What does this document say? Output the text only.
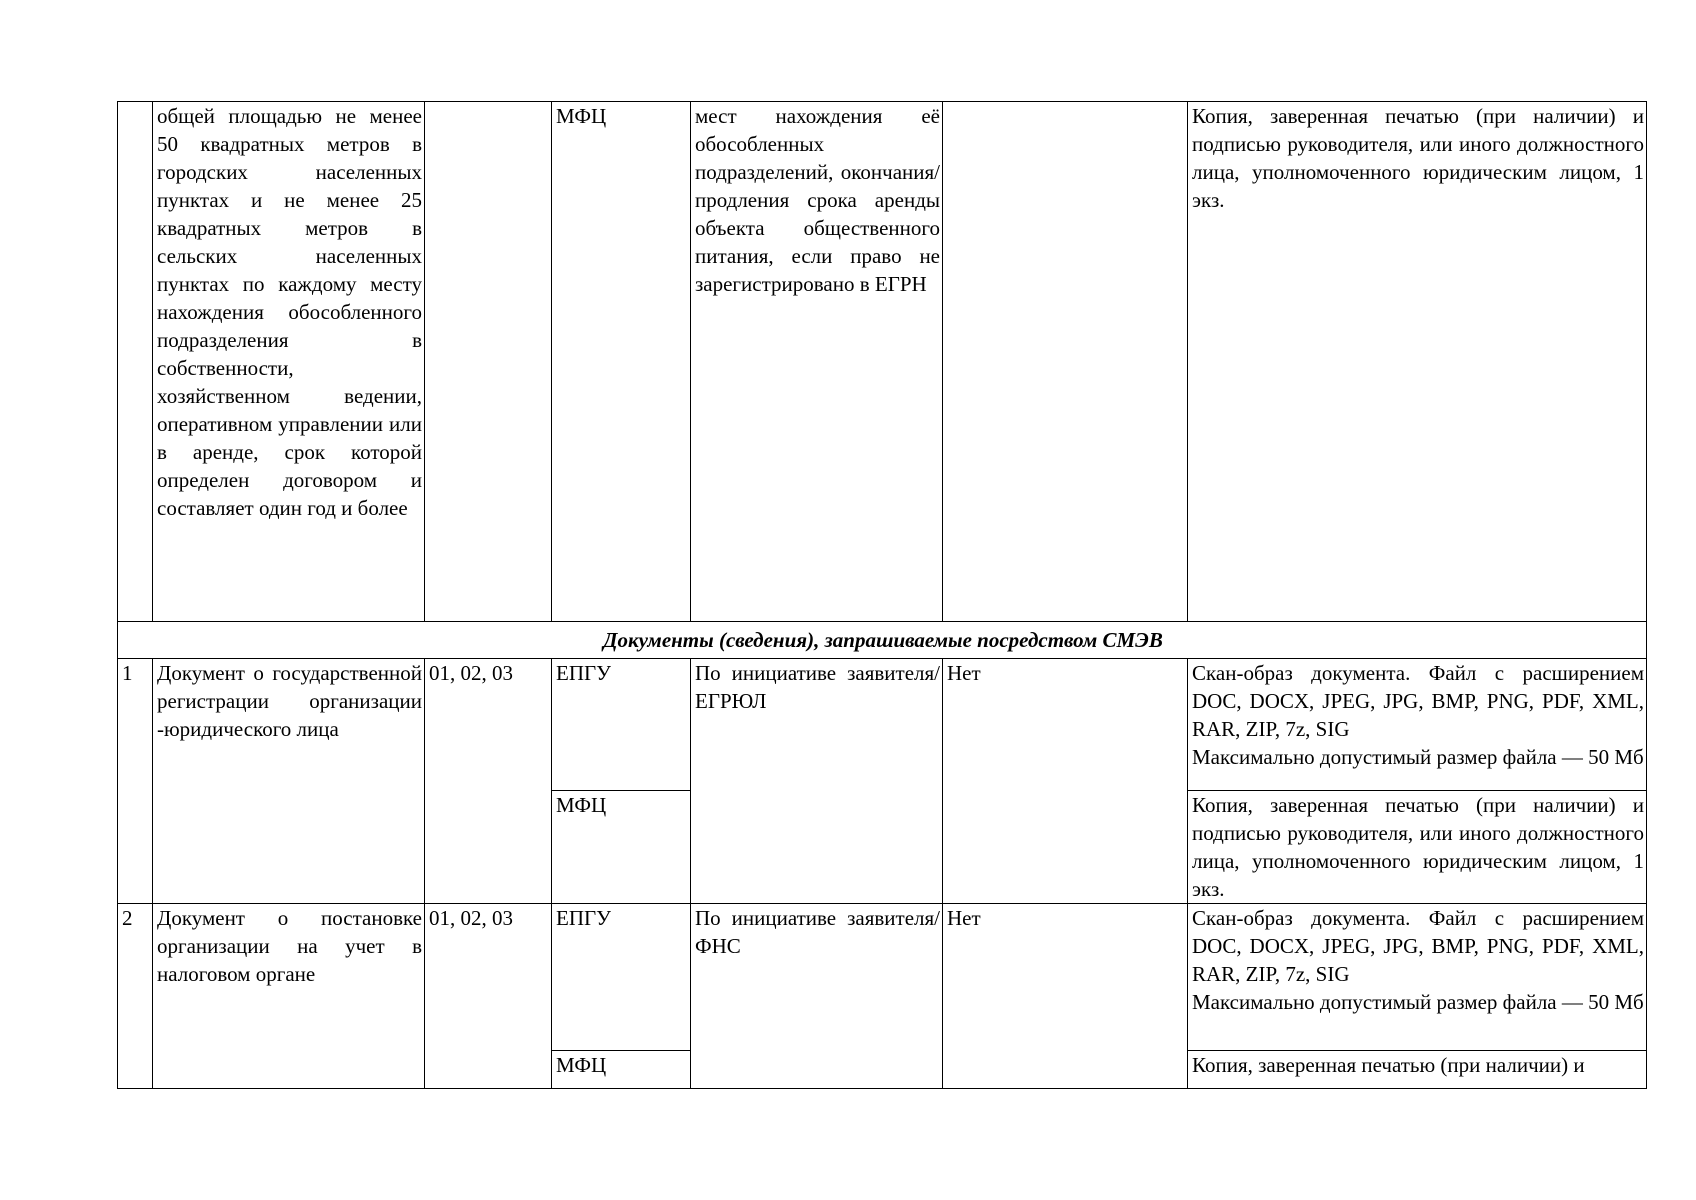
	общей площадью не менее 50 квадратных метров в городских населенных пунктах и не менее 25 квадратных метров в сельских населенных пунктах по каждому месту нахождения обособленного подразделения в собственности, хозяйственном ведении, оперативном управлении или в аренде, срок которой определен договором и составляет один год и более		МФЦ	мест нахождения её обособленных подразделений, окончания/продления срока аренды объекта общественного питания, если право не зарегистрировано в ЕГРН		Копия, заверенная печатью (при наличии) и подписью руководителя, или иного должностного лица, уполномоченного юридическим лицом, 1 экз.
Документы (сведения), запрашиваемые посредством СМЭВ						
1	Документ о государственной регистрации организации -юридического лица	01, 02, 03	ЕПГУ	По инициативе заявителя/ЕГРЮЛ	Нет	Скан-образ документа. Файл с расширением DOC, DOCX, JPEG, JPG, BMP, PNG, PDF, XML, RAR, ZIP, 7z, SIG
Максимально допустимый размер файла — 50 Мб

			МФЦ			Копия, заверенная печатью (при наличии) и подписью руководителя, или иного должностного лица, уполномоченного юридическим лицом, 1 экз.
2	Документ о постановке организации на учет в налоговом органе	01, 02, 03	ЕПГУ	По инициативе заявителя/ФНС	Нет	Скан-образ документа. Файл с расширением DOC, DOCX, JPEG, JPG, BMP, PNG, PDF, XML, RAR, ZIP, 7z, SIG
Максимально допустимый размер файла — 50 Мб

			МФЦ			Копия, заверенная печатью (при наличии) и
